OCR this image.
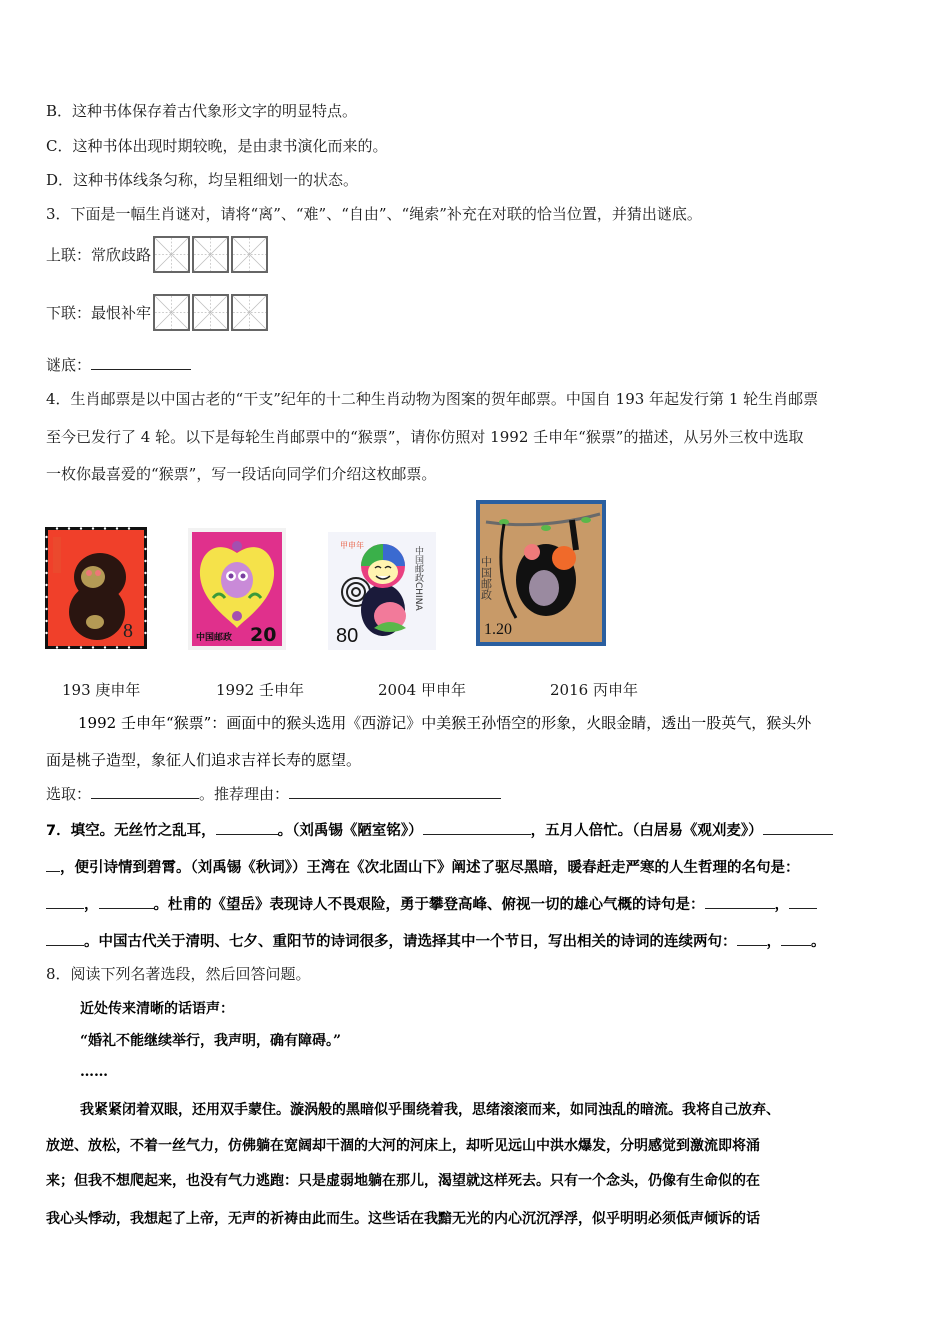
B．这种书体保存着古代象形文字的明显特点。
C．这种书体出现时期较晚，是由隶书演化而来的。
D．这种书体线条匀称，均呈粗细划一的状态。
3．下面是一幅生肖谜对，请将“离”、“难”、“自由”、“绳索”补充在对联的恰当位置，并猜出谜底。
上联：常欣歧路
下联：最恨补牢
谜底：
4．生肖邮票是以中国古老的“干支”纪年的十二种生肖动物为图案的贺年邮票。中国自 193 年起发行第 1 轮生肖邮票
至今已发行了 4 轮。以下是每轮生肖邮票中的“猴票”，请你仿照对 1992 壬申年“猴票”的描述，从另外三枚中选取
一枚你最喜爱的“猴票”，写一段话向同学们介绍这枚邮票。
8	中国邮政 20
甲申年
中国邮政CHINA
80
中国邮政
1.20
193 庚申年	1992 壬申年	2004 甲申年	2016 丙申年
1992 壬申年“猴票”：画面中的猴头选用《西游记》中美猴王孙悟空的形象，火眼金睛，透出一股英气，猴头外
面是桃子造型，象征人们追求吉祥长寿的愿望。
选取：	。推荐理由：
7．填空。无丝竹之乱耳，	。（刘禹锡《陋室铭》）	，五月人倍忙。（白居易《观刈麦》）
，便引诗情到碧霄。（刘禹锡《秋词》）王湾在《次北固山下》阐述了驱尽黑暗，暖春赶走严寒的人生哲理的名句是：
，	。杜甫的《望岳》表现诗人不畏艰险，勇于攀登高峰、俯视一切的雄心气概的诗句是：	，
。中国古代关于清明、七夕、重阳节的诗词很多，请选择其中一个节日，写出相关的诗词的连续两句： ， 。
8．阅读下列名著选段，然后回答问题。
近处传来清晰的话语声：
“婚礼不能继续举行，我声明，确有障碍。”
……
我紧紧闭着双眼，还用双手蒙住。漩涡般的黑暗似乎围绕着我，思绪滚滚而来，如同浊乱的暗流。我将自己放弃、
放逆、放松，不着一丝气力，仿佛躺在宽阔却干涸的大河的河床上，却听见远山中洪水爆发，分明感觉到激流即将涌
来；但我不想爬起来，也没有气力逃跑：只是虚弱地躺在那儿，渴望就这样死去。只有一个念头，仍像有生命似的在
我心头悸动，我想起了上帝，无声的祈祷由此而生。这些话在我黯无光的内心沉沉浮浮，似乎明明必须低声倾诉的话
